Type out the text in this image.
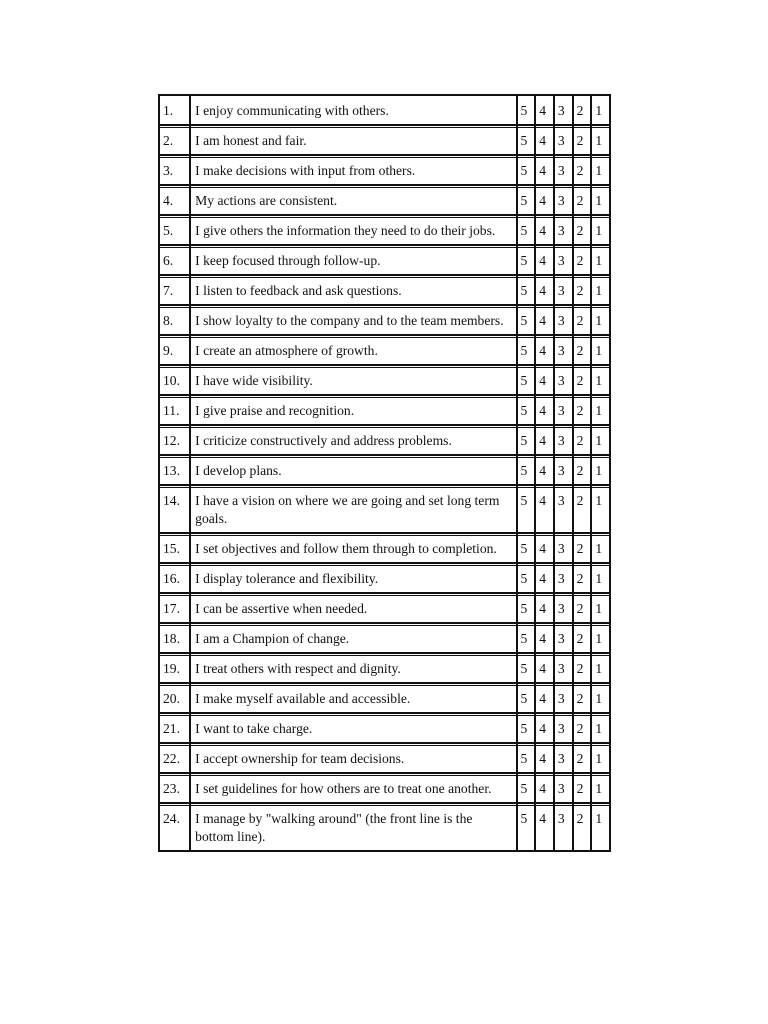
1.	I enjoy communicating with others.	5	4	3	2	1
2.	I am honest and fair.	5	4	3	2	1
3.	I make decisions with input from others.	5	4	3	2	1
4.	My actions are consistent.	5	4	3	2	1
5.	I give others the information they need to do their jobs.	5	4	3	2	1
6.	I keep focused through follow-up.	5	4	3	2	1
7.	I listen to feedback and ask questions.	5	4	3	2	1
8.	I show loyalty to the company and to the team members.	5	4	3	2	1
9.	I create an atmosphere of growth.	5	4	3	2	1
10.	I have wide visibility.	5	4	3	2	1
11.	I give praise and recognition.	5	4	3	2	1
12.	I criticize constructively and address problems.	5	4	3	2	1
13.	I develop plans.	5	4	3	2	1
14.	I have a vision on where we are going and set long term goals.	5	4	3	2	1
15.	I set objectives and follow them through to completion.	5	4	3	2	1
16.	I display tolerance and flexibility.	5	4	3	2	1
17.	I can be assertive when needed.	5	4	3	2	1
18.	I am a Champion of change.	5	4	3	2	1
19.	I treat others with respect and dignity.	5	4	3	2	1
20.	I make myself available and accessible.	5	4	3	2	1
21.	I want to take charge.	5	4	3	2	1
22.	I accept ownership for team decisions.	5	4	3	2	1
23.	I set guidelines for how others are to treat one another.	5	4	3	2	1
24.	I manage by "walking around" (the front line is the bottom line).	5	4	3	2	1
